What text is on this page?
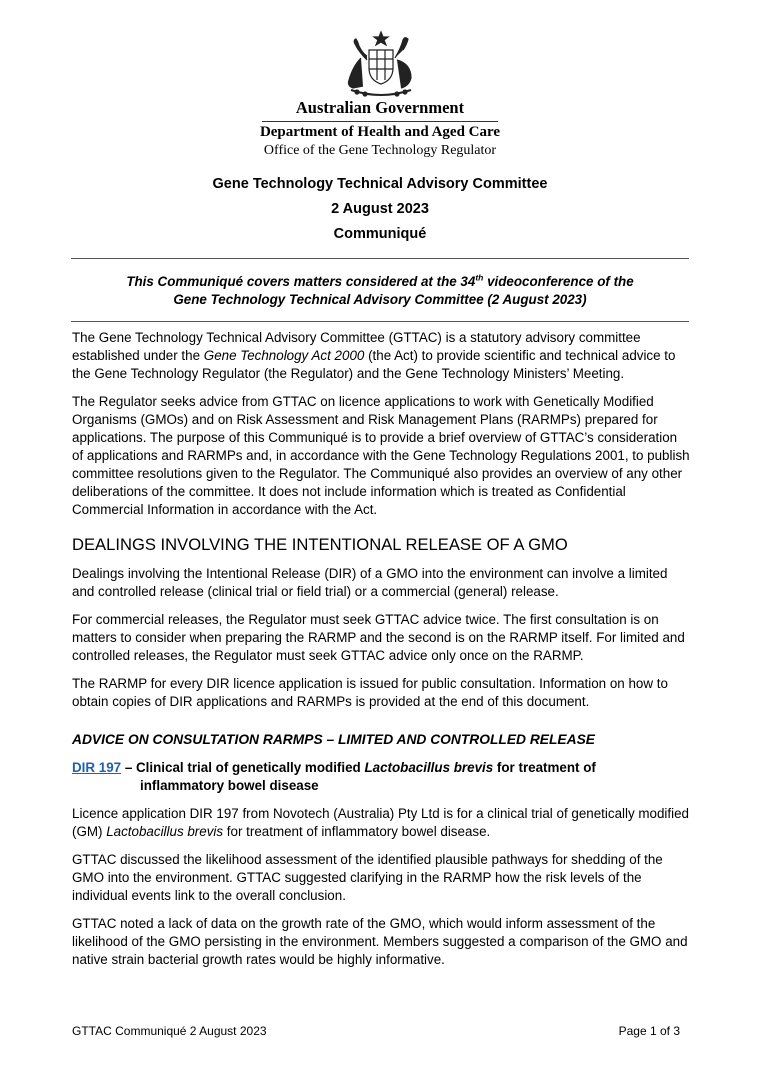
Australian Government
Department of Health and Aged Care
Office of the Gene Technology Regulator
Gene Technology Technical Advisory Committee
2 August 2023
Communiqué
This Communiqué covers matters considered at the 34th videoconference of the
Gene Technology Technical Advisory Committee (2 August 2023)

The Gene Technology Technical Advisory Committee (GTTAC) is a statutory advisory committee established under the Gene Technology Act 2000 (the Act) to provide scientific and technical advice to the Gene Technology Regulator (the Regulator) and the Gene Technology Ministers’ Meeting.

The Regulator seeks advice from GTTAC on licence applications to work with Genetically Modified Organisms (GMOs) and on Risk Assessment and Risk Management Plans (RARMPs) prepared for applications. The purpose of this Communiqué is to provide a brief overview of GTTAC’s consideration of applications and RARMPs and, in accordance with the Gene Technology Regulations 2001, to publish committee resolutions given to the Regulator. The Communiqué also provides an overview of any other deliberations of the committee. It does not include information which is treated as Confidential Commercial Information in accordance with the Act.

DEALINGS INVOLVING THE INTENTIONAL RELEASE OF A GMO

Dealings involving the Intentional Release (DIR) of a GMO into the environment can involve a limited and controlled release (clinical trial or field trial) or a commercial (general) release.

For commercial releases, the Regulator must seek GTTAC advice twice. The first consultation is on matters to consider when preparing the RARMP and the second is on the RARMP itself. For limited and controlled releases, the Regulator must seek GTTAC advice only once on the RARMP.

The RARMP for every DIR licence application is issued for public consultation. Information on how to obtain copies of DIR applications and RARMPs is provided at the end of this document.

ADVICE ON CONSULTATION RARMPS – LIMITED AND CONTROLLED RELEASE
DIR 197 – Clinical trial of genetically modified Lactobacillus brevis for treatment of
inflammatory bowel disease

Licence application DIR 197 from Novotech (Australia) Pty Ltd is for a clinical trial of genetically modified (GM) Lactobacillus brevis for treatment of inflammatory bowel disease.

GTTAC discussed the likelihood assessment of the identified plausible pathways for shedding of the GMO into the environment. GTTAC suggested clarifying in the RARMP how the risk levels of the individual events link to the overall conclusion.

GTTAC noted a lack of data on the growth rate of the GMO, which would inform assessment of the likelihood of the GMO persisting in the environment. Members suggested a comparison of the GMO and native strain bacterial growth rates would be highly informative.

GTTAC Communiqué 2 August 2023	Page 1 of 3
